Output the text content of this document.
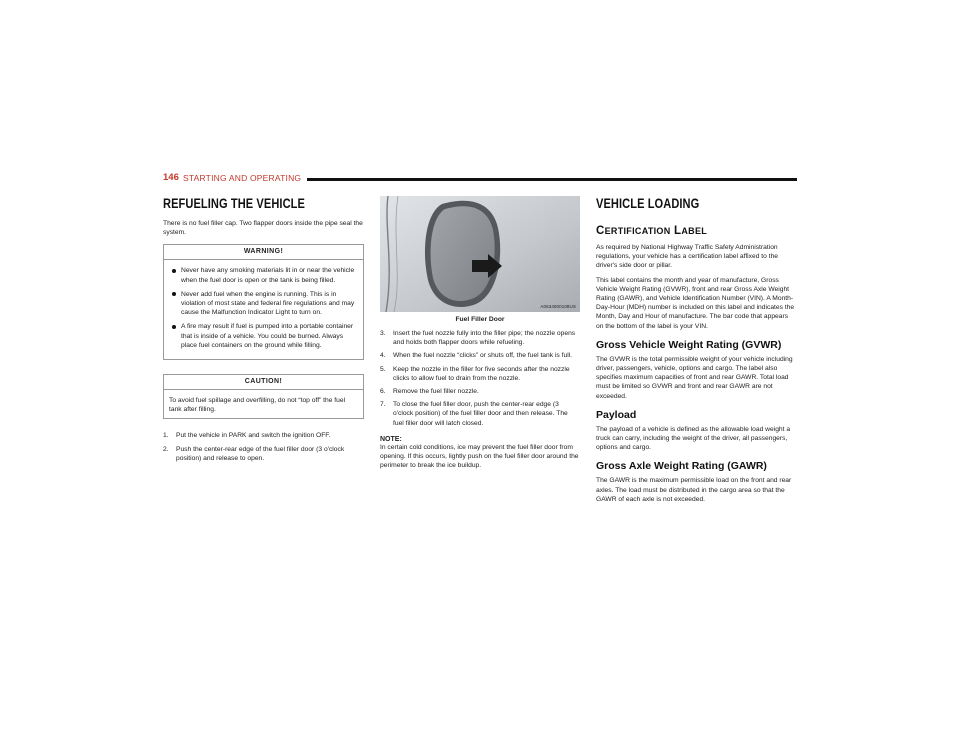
146 STARTING AND OPERATING
REFUELING THE VEHICLE

There is no fuel filler cap. Two flapper doors inside the pipe seal the system.

WARNING!
Never have any smoking materials lit in or near the vehicle when the fuel door is open or the tank is being filled.
Never add fuel when the engine is running. This is in violation of most state and federal fire regulations and may cause the Malfunction Indicator Light to turn on.
A fire may result if fuel is pumped into a portable container that is inside of a vehicle. You could be burned. Always place fuel containers on the ground while filling.
CAUTION!

To avoid fuel spillage and overfilling, do not “top off” the fuel tank after filling.

1. Put the vehicle in PARK and switch the ignition OFF.
2. Push the center-rear edge of the fuel filler door (3 o'clock position) and release to open.
A0634000108US
Fuel Filler Door
3. Insert the fuel nozzle fully into the filler pipe; the nozzle opens and holds both flapper doors while refueling.
4. When the fuel nozzle “clicks” or shuts off, the fuel tank is full.
5. Keep the nozzle in the filler for five seconds after the nozzle clicks to allow fuel to drain from the nozzle.
6. Remove the fuel filler nozzle.
7. To close the fuel filler door, push the center-rear edge (3 o'clock position) of the fuel filler door and then release. The fuel filler door will latch closed.
NOTE:

In certain cold conditions, ice may prevent the fuel filler door from opening. If this occurs, lightly push on the fuel filler door around the perimeter to break the ice buildup.

VEHICLE LOADING
CERTIFICATION LABEL

As required by National Highway Traffic Safety Administration regulations, your vehicle has a certification label affixed to the driver's side door or pillar.

This label contains the month and year of manufacture, Gross Vehicle Weight Rating (GVWR), front and rear Gross Axle Weight Rating (GAWR), and Vehicle Identification Number (VIN). A Month-Day-Hour (MDH) number is included on this label and indicates the Month, Day and Hour of manufacture. The bar code that appears on the bottom of the label is your VIN.

Gross Vehicle Weight Rating (GVWR)

The GVWR is the total permissible weight of your vehicle including driver, passengers, vehicle, options and cargo. The label also specifies maximum capacities of front and rear GAWR. Total load must be limited so GVWR and front and rear GAWR are not exceeded.

Payload

The payload of a vehicle is defined as the allowable load weight a truck can carry, including the weight of the driver, all passengers, options and cargo.

Gross Axle Weight Rating (GAWR)

The GAWR is the maximum permissible load on the front and rear axles. The load must be distributed in the cargo area so that the GAWR of each axle is not exceeded.
